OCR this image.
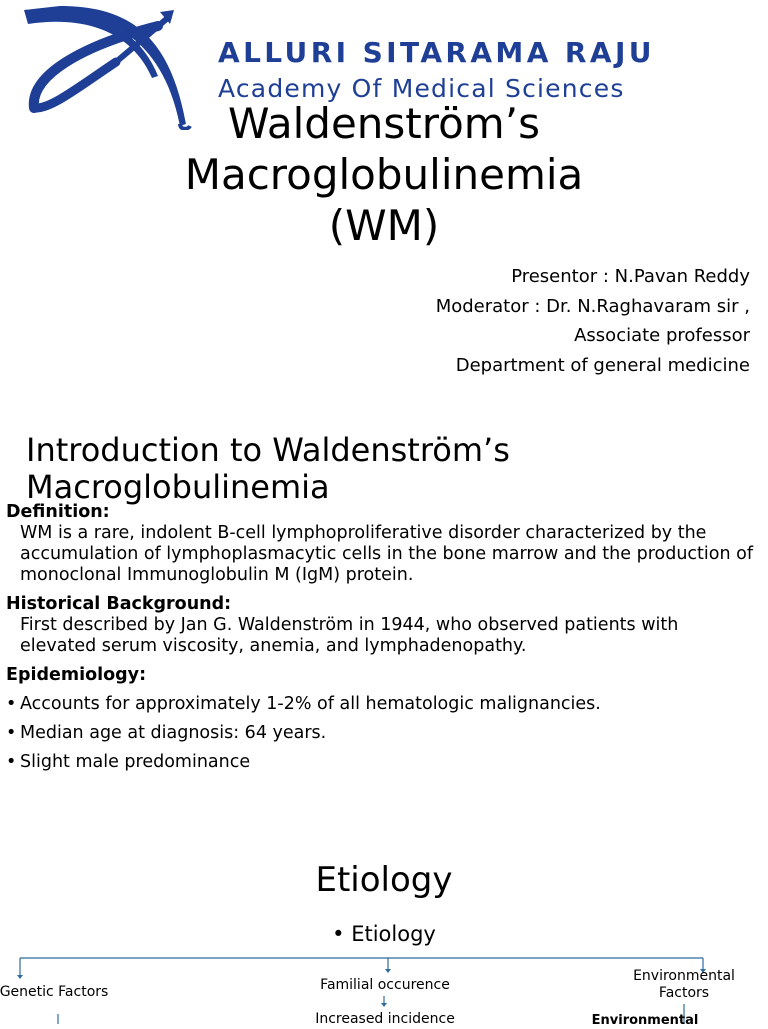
ALLURI SITARAMA RAJU
Academy Of Medical Sciences
Waldenström’s
Macroglobulinemia
(WM)
Presentor : N.Pavan Reddy
Moderator : Dr. N.Raghavaram sir ,
Associate professor
Department of general medicine
Introduction to Waldenström’s
Macroglobulinemia
Definition:
WM is a rare, indolent B-cell lymphoproliferative disorder characterized by the accumulation of lymphoplasmacytic cells in the bone marrow and the production of monoclonal Immunoglobulin M (IgM) protein.
Historical Background:
First described by Jan G. Waldenström in 1944, who observed patients with elevated serum viscosity, anemia, and lymphadenopathy.
Epidemiology:
• Accounts for approximately 1-2% of all hematologic malignancies.
• Median age at diagnosis: 64 years.
• Slight male predominance
Etiology
• Etiology
Genetic Factors	Familial occurence
Environmental Factors
Increased incidence	Environmental
